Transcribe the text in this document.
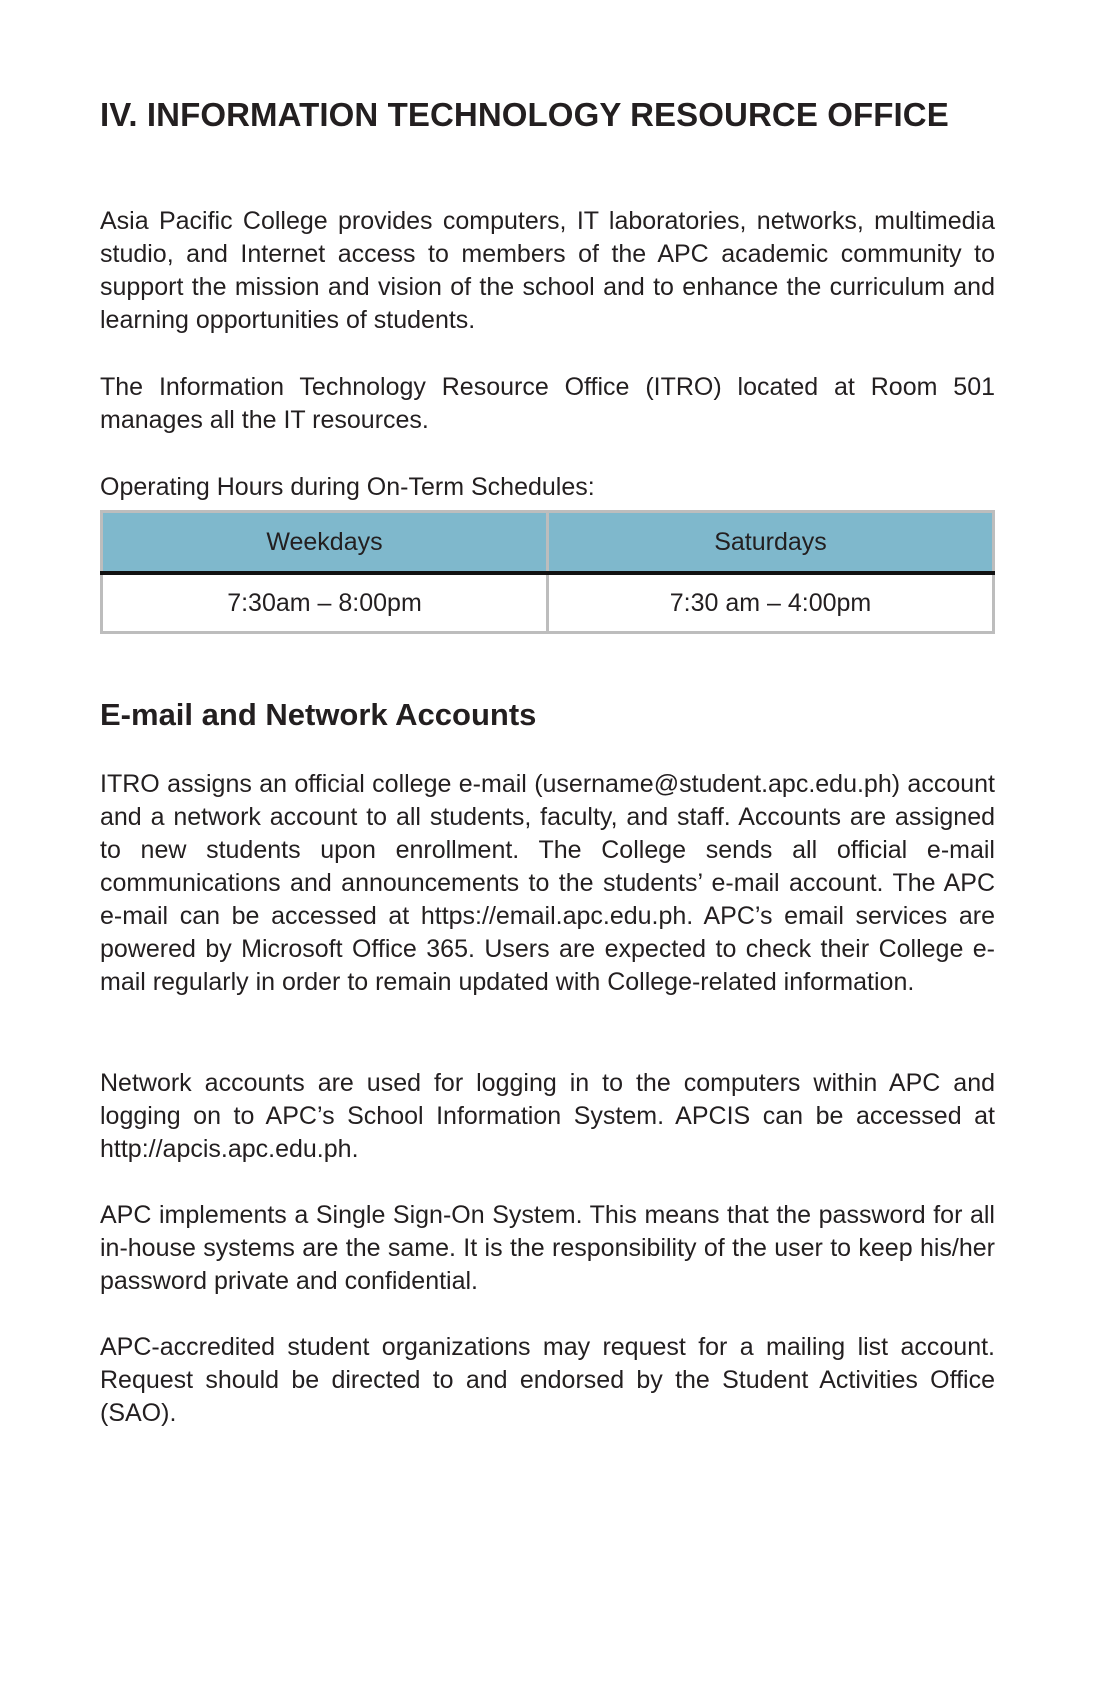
IV. INFORMATION TECHNOLOGY RESOURCE OFFICE

Asia Pacific College provides computers, IT laboratories, networks, multimedia studio, and Internet access to members of the APC academic community to support the mission and vision of the school and to enhance the curriculum and learning opportunities of students.

The Information Technology Resource Office (ITRO) located at Room 501 manages all the IT resources.

Operating Hours during On-Term Schedules:

Weekdays	Saturdays
7:30am – 8:00pm	7:30 am – 4:00pm
E-mail and Network Accounts

ITRO assigns an official college e-mail (username@student.apc.edu.ph) account and a network account to all students, faculty, and staff. Accounts are assigned to new students upon enrollment. The College sends all official e-mail communications and announcements to the students’ e-mail account. The APC e-mail can be accessed at https://email.apc.edu.ph. APC’s email services are powered by Microsoft Office 365. Users are expected to check their College e-mail regularly in order to remain updated with College-related information.

Network accounts are used for logging in to the computers within APC and logging on to APC’s School Information System. APCIS can be accessed at http://apcis.apc.edu.ph.

APC implements a Single Sign-On System. This means that the password for all in-house systems are the same. It is the responsibility of the user to keep his/her password private and confidential.

APC-accredited student organizations may request for a mailing list account. Request should be directed to and endorsed by the Student Activities Office (SAO).
